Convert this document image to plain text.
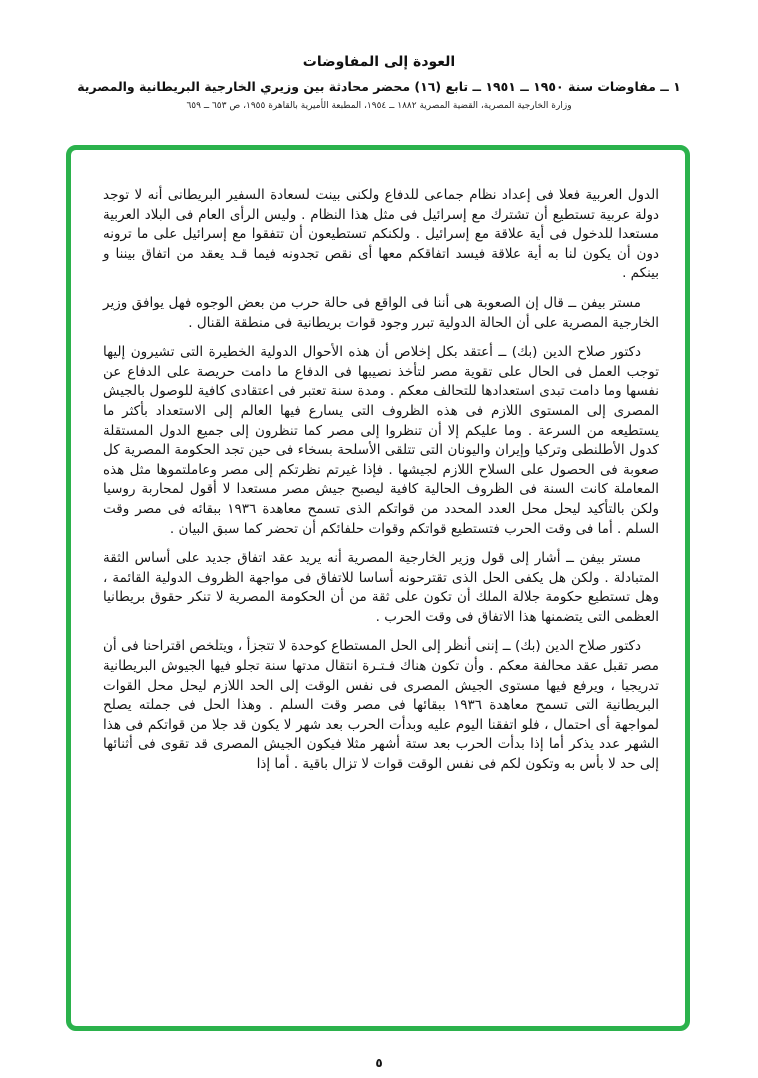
العودة إلى المفاوضات
١ ــ مفاوضات سنة ١٩٥٠ ــ ١٩٥١ ــ تابع (١٦) محضر محادثة بين وزيري الخارجية البريطانية والمصرية
وزارة الخارجية المصرية، القضية المصرية ١٨٨٢ ــ ١٩٥٤، المطبعة الأميرية بالقاهرة ١٩٥٥، ص ٦٥٣ ــ ٦٥٩

الدول العربية فعلا فى إعداد نظام جماعى للدفاع ولكنى بينت لسعادة السفير البريطانى أنه لا توجد دولة عربية تستطيع أن تشترك مع إسرائيل فى مثل هذا النظام . وليس الرأى العام فى البلاد العربية مستعدا للدخول فى أية علاقة مع إسرائيل . ولكنكم تستطيعون أن تتفقوا مع إسرائيل على ما ترونه دون أن يكون لنا به أية علاقة فيسد اتفاقكم معها أى نقص تجدونه فيما قـد يعقد من اتفاق بيننا و بينكم .

مستر بيفن ــ قال إن الصعوبة هى أننا فى الواقع فى حالة حرب من بعض الوجوه فهل يوافق وزير الخارجية المصرية على أن الحالة الدولية تبرر وجود قوات بريطانية فى منطقة القنال .

دكتور صلاح الدين (بك) ــ أعتقد بكل إخلاص أن هذه الأحوال الدولية الخطيرة التى تشيرون إليها توجب العمل فى الحال على تقوية مصر لتأخذ نصيبها فى الدفاع ما دامت حريصة على الدفاع عن نفسها وما دامت تبدى استعدادها للتحالف معكم . ومدة سنة تعتبر فى اعتقادى كافية للوصول بالجيش المصرى إلى المستوى اللازم فى هذه الظروف التى يسارع فيها العالم إلى الاستعداد بأكثر ما يستطيعه من السرعة . وما عليكم إلا أن تنظروا إلى مصر كما تنظرون إلى جميع الدول المستقلة كدول الأطلنطى وتركيا وإيران واليونان التى تتلقى الأسلحة بسخاء فى حين تجد الحكومة المصرية كل صعوبة فى الحصول على السلاح اللازم لجيشها . فإذا غيرتم نظرتكم إلى مصر وعاملتموها مثل هذه المعاملة كانت السنة فى الظروف الحالية كافية ليصبح جيش مصر مستعدا لا أقول لمحاربة روسيا ولكن بالتأكيد ليحل محل العدد المحدد من قواتكم الذى تسمح معاهدة ١٩٣٦ ببقائه فى مصر وقت السلم . أما فى وقت الحرب فتستطيع قواتكم وقوات حلفائكم أن تحضر كما سبق البيان .

مستر بيفن ــ أشار إلى قول وزير الخارجية المصرية أنه يريد عقد اتفاق جديد على أساس الثقة المتبادلة . ولكن هل يكفى الحل الذى تقترحونه أساسا للاتفاق فى مواجهة الظروف الدولية القائمة ، وهل تستطيع حكومة جلالة الملك أن تكون على ثقة من أن الحكومة المصرية لا تنكر حقوق بريطانيا العظمى التى يتضمنها هذا الاتفاق فى وقت الحرب .

دكتور صلاح الدين (بك) ــ إننى أنظر إلى الحل المستطاع كوحدة لا تتجزأ ، ويتلخص اقتراحنا فى أن مصر تقبل عقد محالفة معكم . وأن تكون هناك فـتـرة انتقال مدتها سنة تجلو فيها الجيوش البريطانية تدريجيا ، ويرفع فيها مستوى الجيش المصرى فى نفس الوقت إلى الحد اللازم ليحل محل القوات البريطانية التى تسمح معاهدة ١٩٣٦ ببقائها فى مصر وقت السلم . وهذا الحل فى جملته يصلح لمواجهة أى احتمال ، فلو اتفقنا اليوم عليه وبدأت الحرب بعد شهر لا يكون قد جلا من قواتكم فى هذا الشهر عدد يذكر أما إذا بدأت الحرب بعد ستة أشهر مثلا فيكون الجيش المصرى قد تقوى فى أثنائها إلى حد لا بأس به وتكون لكم فى نفس الوقت قوات لا تزال باقية . أما إذا

٥
